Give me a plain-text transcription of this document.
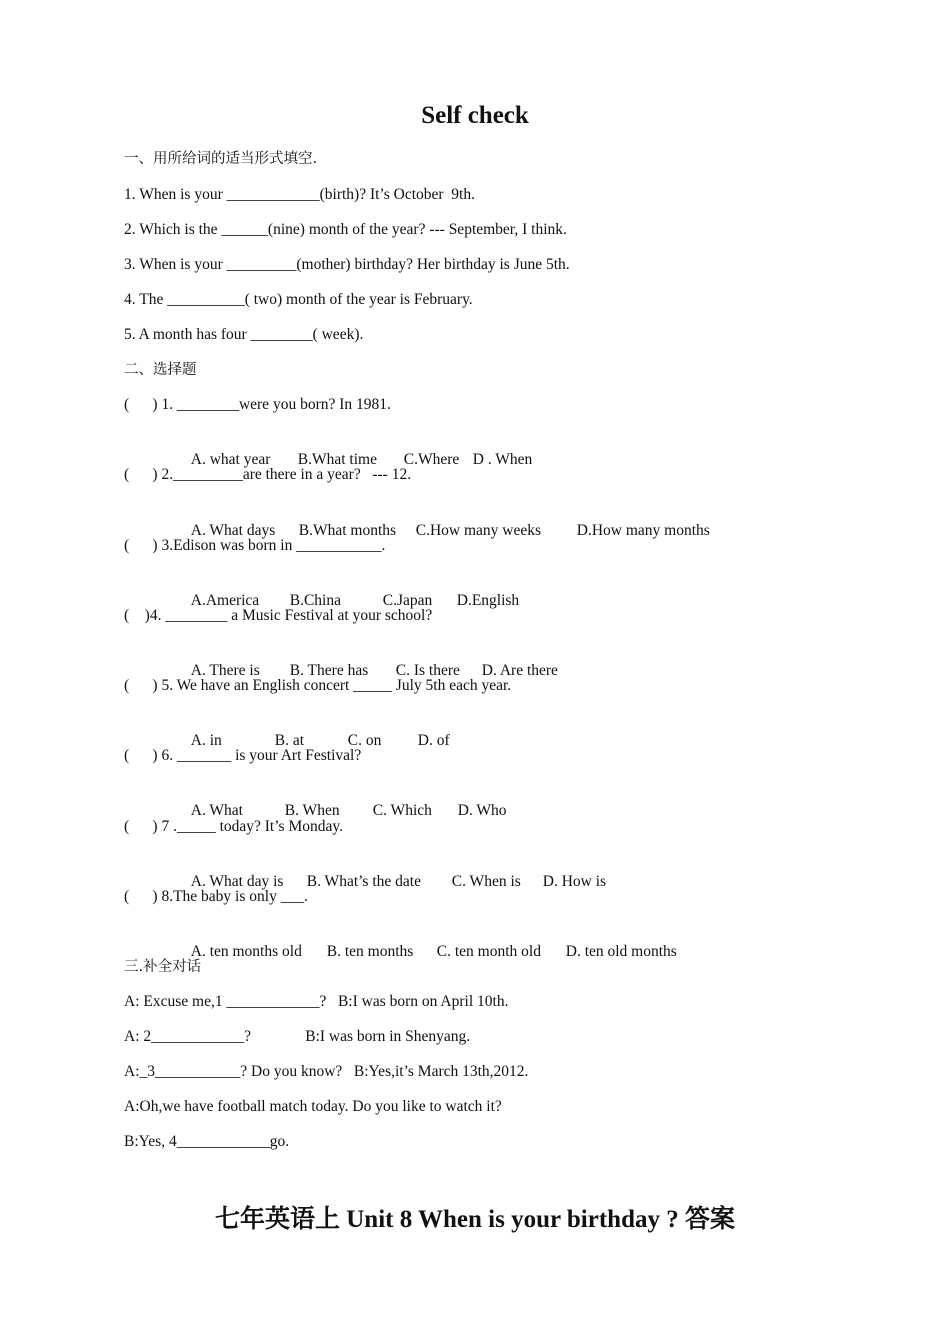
Self check
一、用所给词的适当形式填空.
1. When is your ____________(birth)? It’s October  9th.
2. Which is the ______(nine) month of the year? --- September, I think.
3. When is your _________(mother) birthday? Her birthday is June 5th.
4. The __________( two) month of the year is February.
5. A month has four ________( week).
二、选择题
(      ) 1. ________were you born? In 1981.

A. what year B.What time C.Where D . When

(      ) 2._________are there in a year?   --- 12.

A. What days B.What months C.How many weeks D.How many months

(      ) 3.Edison was born in ___________.

A.America B.China	C.Japan D.English

(    )4. ________ a Music Festival at your school?

A. There is B. There has C. Is there D. Are there

(      ) 5. We have an English concert _____ July 5th each year.

A. in	B. at	C. on D. of

(      ) 6. _______ is your Art Festival?

A. What	B. When C. Which D. Who

(      ) 7 ._____ today? It’s Monday.

A. What day is B. What’s the date C. When is D. How is

(      ) 8.The baby is only ___.

A. ten months old B. ten months C. ten month old D. ten old months

三.补全对话
A: Excuse me,1 ____________?   B:I was born on April 10th.
A: 2____________?              B:I was born in Shenyang.
A:_3___________? Do you know?   B:Yes,it’s March 13th,2012.
A:Oh,we have football match today. Do you like to watch it?
B:Yes, 4____________go.
七年英语上 Unit 8 When is your birthday ? 答案
